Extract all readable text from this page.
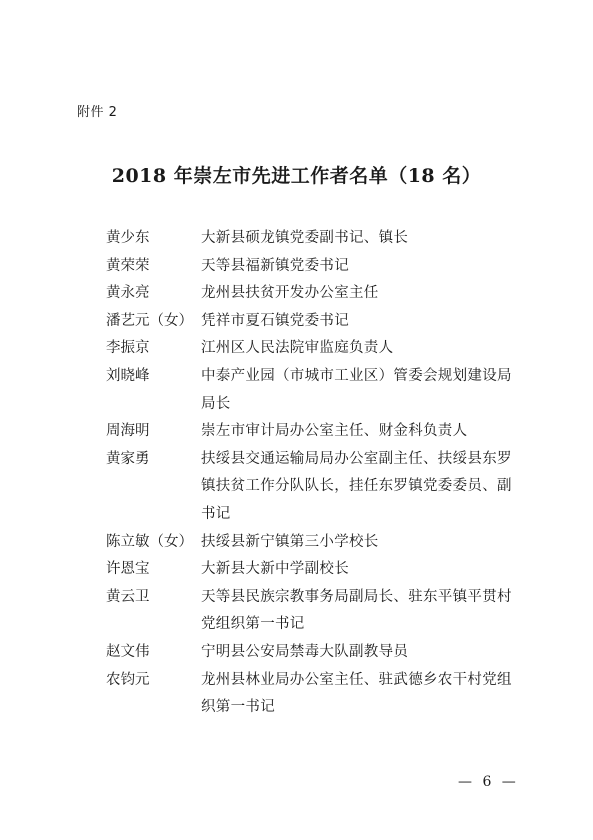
附件 2
2018 年崇左市先进工作者名单（18 名）
黄少东	大新县硕龙镇党委副书记、镇长
黄荣荣	天等县福新镇党委书记
黄永亮	龙州县扶贫开发办公室主任
潘艺元（女） 凭祥市夏石镇党委书记
李振京	江州区人民法院审监庭负责人
刘晓峰	中泰产业园（市城市工业区）管委会规划建设局局长
周海明	崇左市审计局办公室主任、财金科负责人
黄家勇	扶绥县交通运输局局办公室副主任、扶绥县东罗镇扶贫工作分队队长，挂任东罗镇党委委员、副书记
陈立敏（女） 扶绥县新宁镇第三小学校长
许恩宝	大新县大新中学副校长
黄云卫	天等县民族宗教事务局副局长、驻东平镇平贯村党组织第一书记
赵文伟	宁明县公安局禁毒大队副教导员
农钧元	龙州县林业局办公室主任、驻武德乡农干村党组织第一书记
— 6 —
